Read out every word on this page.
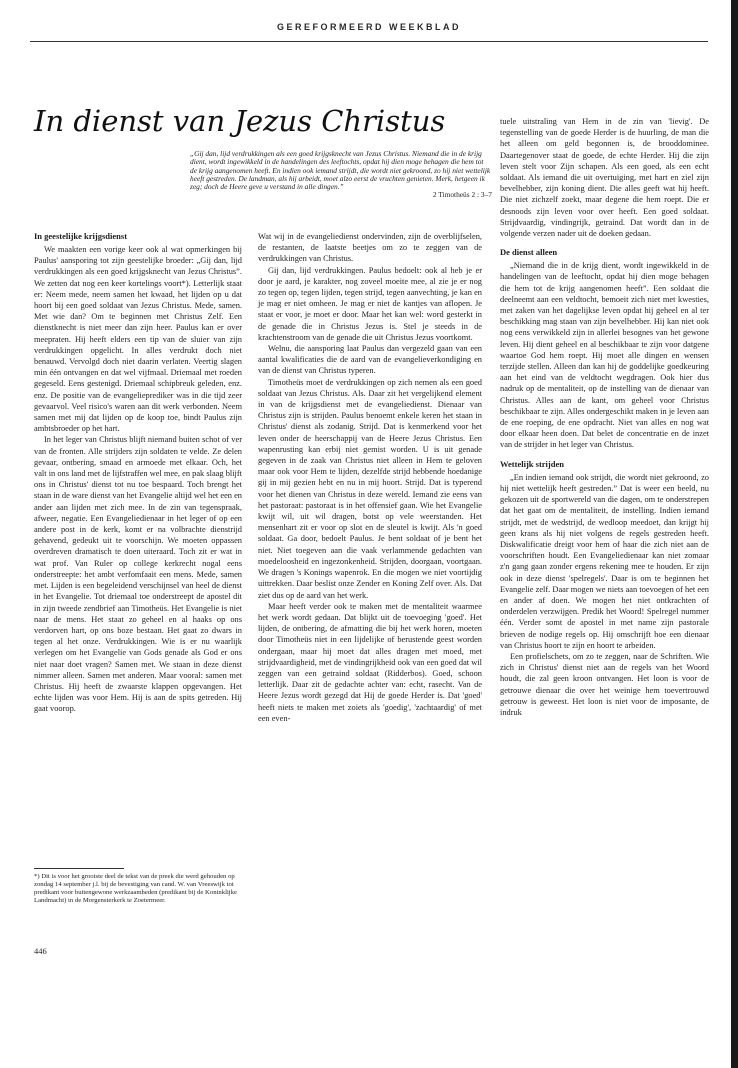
GEREFORMEERD WEEKBLAD
In dienst van Jezus Christus
„Gij dan, lijd verdrukkingen als een goed krijgsknecht van Jezus Christus. Niemand die in de krijg dient, wordt ingewikkeld in de handelingen des leeftochts, opdat hij dien moge behagen die hem tot de krijg aangenomen heeft. En indien ook iemand strijdt, die wordt niet gekroond, zo hij niet wettelijk heeft gestreden. De landman, als hij arbeidt, moet alzo eerst de vruchten genieten. Merk, hetgeen ik zeg; doch de Heere geve u verstand in alle dingen.”
2 Timotheüs 2 : 3–7
In geestelijke krijgsdienst

We maakten een vorige keer ook al wat opmerkingen bij Paulus' aansporing tot zijn geestelijke broeder: „Gij dan, lijd verdrukkingen als een goed krijgsknecht van Jezus Christus”. We zetten dat nog een keer kortelings voort*). Letterlijk staat er: Neem mede, neem samen het kwaad, het lijden op u dat hoort bij een goed soldaat van Jezus Christus. Mede, samen. Met wie dan? Om te beginnen met Christus Zelf. Een dienstknecht is niet meer dan zijn heer. Paulus kan er over meepraten. Hij heeft elders een tip van de sluier van zijn verdrukkingen opgelicht. In alles verdrukt doch niet benauwd. Vervolgd doch niet daarin verlaten. Veertig slagen min één ontvangen en dat wel vijfmaal. Driemaal met roeden gegeseld. Eens gestenigd. Driemaal schipbreuk geleden, enz. enz. De positie van de evangelieprediker was in die tijd zeer gevaarvol. Veel risico's waren aan dit werk verbonden. Neem samen met mij dat lijden op de koop toe, bindt Paulus zijn ambtsbroeder op het hart.

In het leger van Christus blijft niemand buiten schot of ver van de fronten. Alle strijders zijn soldaten te velde. Ze delen gevaar, ontbering, smaad en armoede met elkaar. Och, het valt in ons land met de lijfstraffen wel mee, en pak slaag blijft ons in Christus' dienst tot nu toe bespaard. Toch brengt het staan in de ware dienst van het Evangelie altijd wel het een en ander aan lijden met zich mee. In de zin van tegenspraak, afweer, negatie. Een Evangeliedienaar in het leger of op een andere post in de kerk, komt er na volbrachte dienstrijd gehavend, gedeukt uit te voorschijn. We moeten oppassen overdreven dramatisch te doen uiteraard. Toch zit er wat in wat prof. Van Ruler op college kerkrecht nogal eens onderstreepte: het ambt verfomfaait een mens. Mede, samen met. Lijden is een begeleidend verschijnsel van heel de dienst in het Evangelie. Tot driemaal toe onderstreept de apostel dit in zijn tweede zendbrief aan Timotheüs. Het Evangelie is niet naar de mens. Het staat zo geheel en al haaks op ons verdorven hart, op ons boze bestaan. Het gaat zo dwars in tegen al het onze. Verdrukkingen. Wie is er nu waarlijk verlegen om het Evangelie van Gods genade als God er ons niet naar doet vragen? Samen met. We staan in deze dienst nimmer alleen. Samen met anderen. Maar vooral: samen met Christus. Hij heeft de zwaarste klappen opgevangen. Het echte lijden was voor Hem. Hij is aan de spits getreden. Hij gaat voorop.

Wat wij in de evangeliedienst ondervinden, zijn de overblijfselen, de restanten, de laatste beetjes om zo te zeggen van de verdrukkingen van Christus.

Gij dan, lijd verdrukkingen. Paulus bedoelt: ook al heb je er door je aard, je karakter, nog zoveel moeite mee, al zie je er nog zo tegen op, tegen lijden, tegen strijd, tegen aanvechting, je kan en je mag er niet omheen. Je mag er niet de kantjes van aflopen. Je staat er voor, je moet er door. Maar het kan wel: word gesterkt in de genade die in Christus Jezus is. Stel je steeds in de krachtenstroom van de genade die uit Christus Jezus voortkomt.

Welnu, die aansporing laat Paulus dan vergezeld gaan van een aantal kwalificaties die de aard van de evangelieverkondiging en van de dienst van Christus typeren.

Timotheüs moet de verdrukkingen op zich nemen als een goed soldaat van Jezus Christus. Als. Daar zit het vergelijkend element in van de krijgsdienst met de evangeliedienst. Dienaar van Christus zijn is strijden. Paulus benoemt enkele keren het staan in Christus' dienst als zodanig. Strijd. Dat is kenmerkend voor het leven onder de heerschappij van de Heere Jezus Christus. Een wapenrusting kan erbij niet gemist worden. U is uit genade gegeven in de zaak van Christus niet alleen in Hem te geloven maar ook voor Hem te lijden, dezelfde strijd hebbende hoedanige gij in mij gezien hebt en nu in mij hoort. Strijd. Dat is typerend voor het dienen van Christus in deze wereld. Iemand zie eens van het pastoraat: pastoraat is in het offensief gaan. Wie het Evangelie kwijt wil, uit wil dragen, botst op vele weerstanden. Het mensenhart zit er voor op slot en de sleutel is kwijt. Als 'n goed soldaat. Ga door, bedoelt Paulus. Je bent soldaat of je bent het niet. Niet toegeven aan die vaak verlammende gedachten van moedeloosheid en ingezonkenheid. Strijden, doorgaan, voortgaan. We dragen 's Konings wapenrok. En die mogen we niet voortijdig uittrekken. Daar beslist onze Zender en Koning Zelf over. Als. Dat ziet dus op de aard van het werk.

Maar heeft verder ook te maken met de mentaliteit waarmee het werk wordt gedaan. Dat blijkt uit de toevoeging 'goed'. Het lijden, de ontbering, de afmatting die bij het werk horen, moeten door Timotheüs niet in een lijdelijke of berustende geest worden ondergaan, maar hij moet dat alles dragen met moed, met strijdvaardigheid, met de vindingrijkheid ook van een goed dat wil zeggen van een getraind soldaat (Ridderbos). Goed, schoon letterlijk. Daar zit de gedachte achter van: echt, rasecht. Van de Heere Jezus wordt gezegd dat Hij de goede Herder is. Dat 'goed' heeft niets te maken met zoiets als 'goedig', 'zachtaardig' of met een even-

tuele uitstraling van Hem in de zin van 'lievig'. De tegenstelling van de goede Herder is de huurling, de man die het alleen om geld begonnen is, de brooddominee. Daartegenover staat de goede, de echte Herder. Hij die zijn leven stelt voor Zijn schapen. Als een goed, als een echt soldaat. Als iemand die uit overtuiging, met hart en ziel zijn bevelhebber, zijn koning dient. Die alles geeft wat hij heeft. Die niet zichzelf zoekt, maar degene die hem roept. Die er desnoods zijn leven voor over heeft. Een goed soldaat. Strijdvaardig, vindingrijk, getraind. Dat wordt dan in de volgende verzen nader uit de doeken gedaan.

De dienst alleen

„Niemand die in de krijg dient, wordt ingewikkeld in de handelingen van de leeftocht, opdat hij dien moge behagen die hem tot de krijg aangenomen heeft”. Een soldaat die deelneemt aan een veldtocht, bemoeit zich niet met kwesties, met zaken van het dagelijkse leven opdat hij geheel en al ter beschikking mag staan van zijn bevelhebber. Hij kan niet ook nog eens verwikkeld zijn in allerlei besognes van het gewone leven. Hij dient geheel en al beschikbaar te zijn voor datgene waartoe God hem roept. Hij moet alle dingen en wensen terzijde stellen. Alleen dan kan hij de goddelijke goedkeuring aan het eind van de veldtocht wegdragen. Ook hier dus nadruk op de mentaliteit, op de instelling van de dienaar van Christus. Alles aan de kant, om geheel voor Christus beschikbaar te zijn. Alles ondergeschikt maken in je leven aan de ene roeping, de ene opdracht. Niet van alles en nog wat door elkaar heen doen. Dat belet de concentratie en de inzet van de strijder in het leger van Christus.

Wettelijk strijden

„En indien iemand ook strijdt, die wordt niet gekroond, zo hij niet wettelijk heeft gestreden.” Dat is weer een beeld, nu gekozen uit de sportwereld van die dagen, om te onderstrepen dat het gaat om de mentaliteit, de instelling. Indien iemand strijdt, met de wedstrijd, de wedloop meedoet, dan krijgt hij geen krans als hij niet volgens de regels gestreden heeft. Diskwalificatie dreigt voor hem of haar die zich niet aan de voorschriften houdt. Een Evangeliedienaar kan niet zomaar z'n gang gaan zonder ergens rekening mee te houden. Er zijn ook in deze dienst 'spelregels'. Daar is om te beginnen het Evangelie zelf. Daar mogen we niets aan toevoegen of het een en ander af doen. We mogen het niet ontkrachten of onderdelen verzwijgen. Predik het Woord! Spelregel nummer één. Verder somt de apostel in met name zijn pastorale brieven de nodige regels op. Hij omschrijft hoe een dienaar van Christus hoort te zijn en hoort te arbeiden.

Een profielschets, om zo te zeggen, naar de Schriften. Wie zich in Christus' dienst niet aan de regels van het Woord houdt, die zal geen kroon ontvangen. Het loon is voor de getrouwe dienaar die over het weinige hem toevertrouwd getrouw is geweest. Het loon is niet voor de imposante, de indruk

*) Dit is voor het grootste deel de tekst van de preek die werd gehouden op zondag 14 september j.l. bij de bevestiging van cand. W. van Vreeswijk tot predikant voor buitengewone werkzaamheden (predikant bij de Koninklijke Landmacht) in de Morgensterkerk te Zoetermeer.
446
